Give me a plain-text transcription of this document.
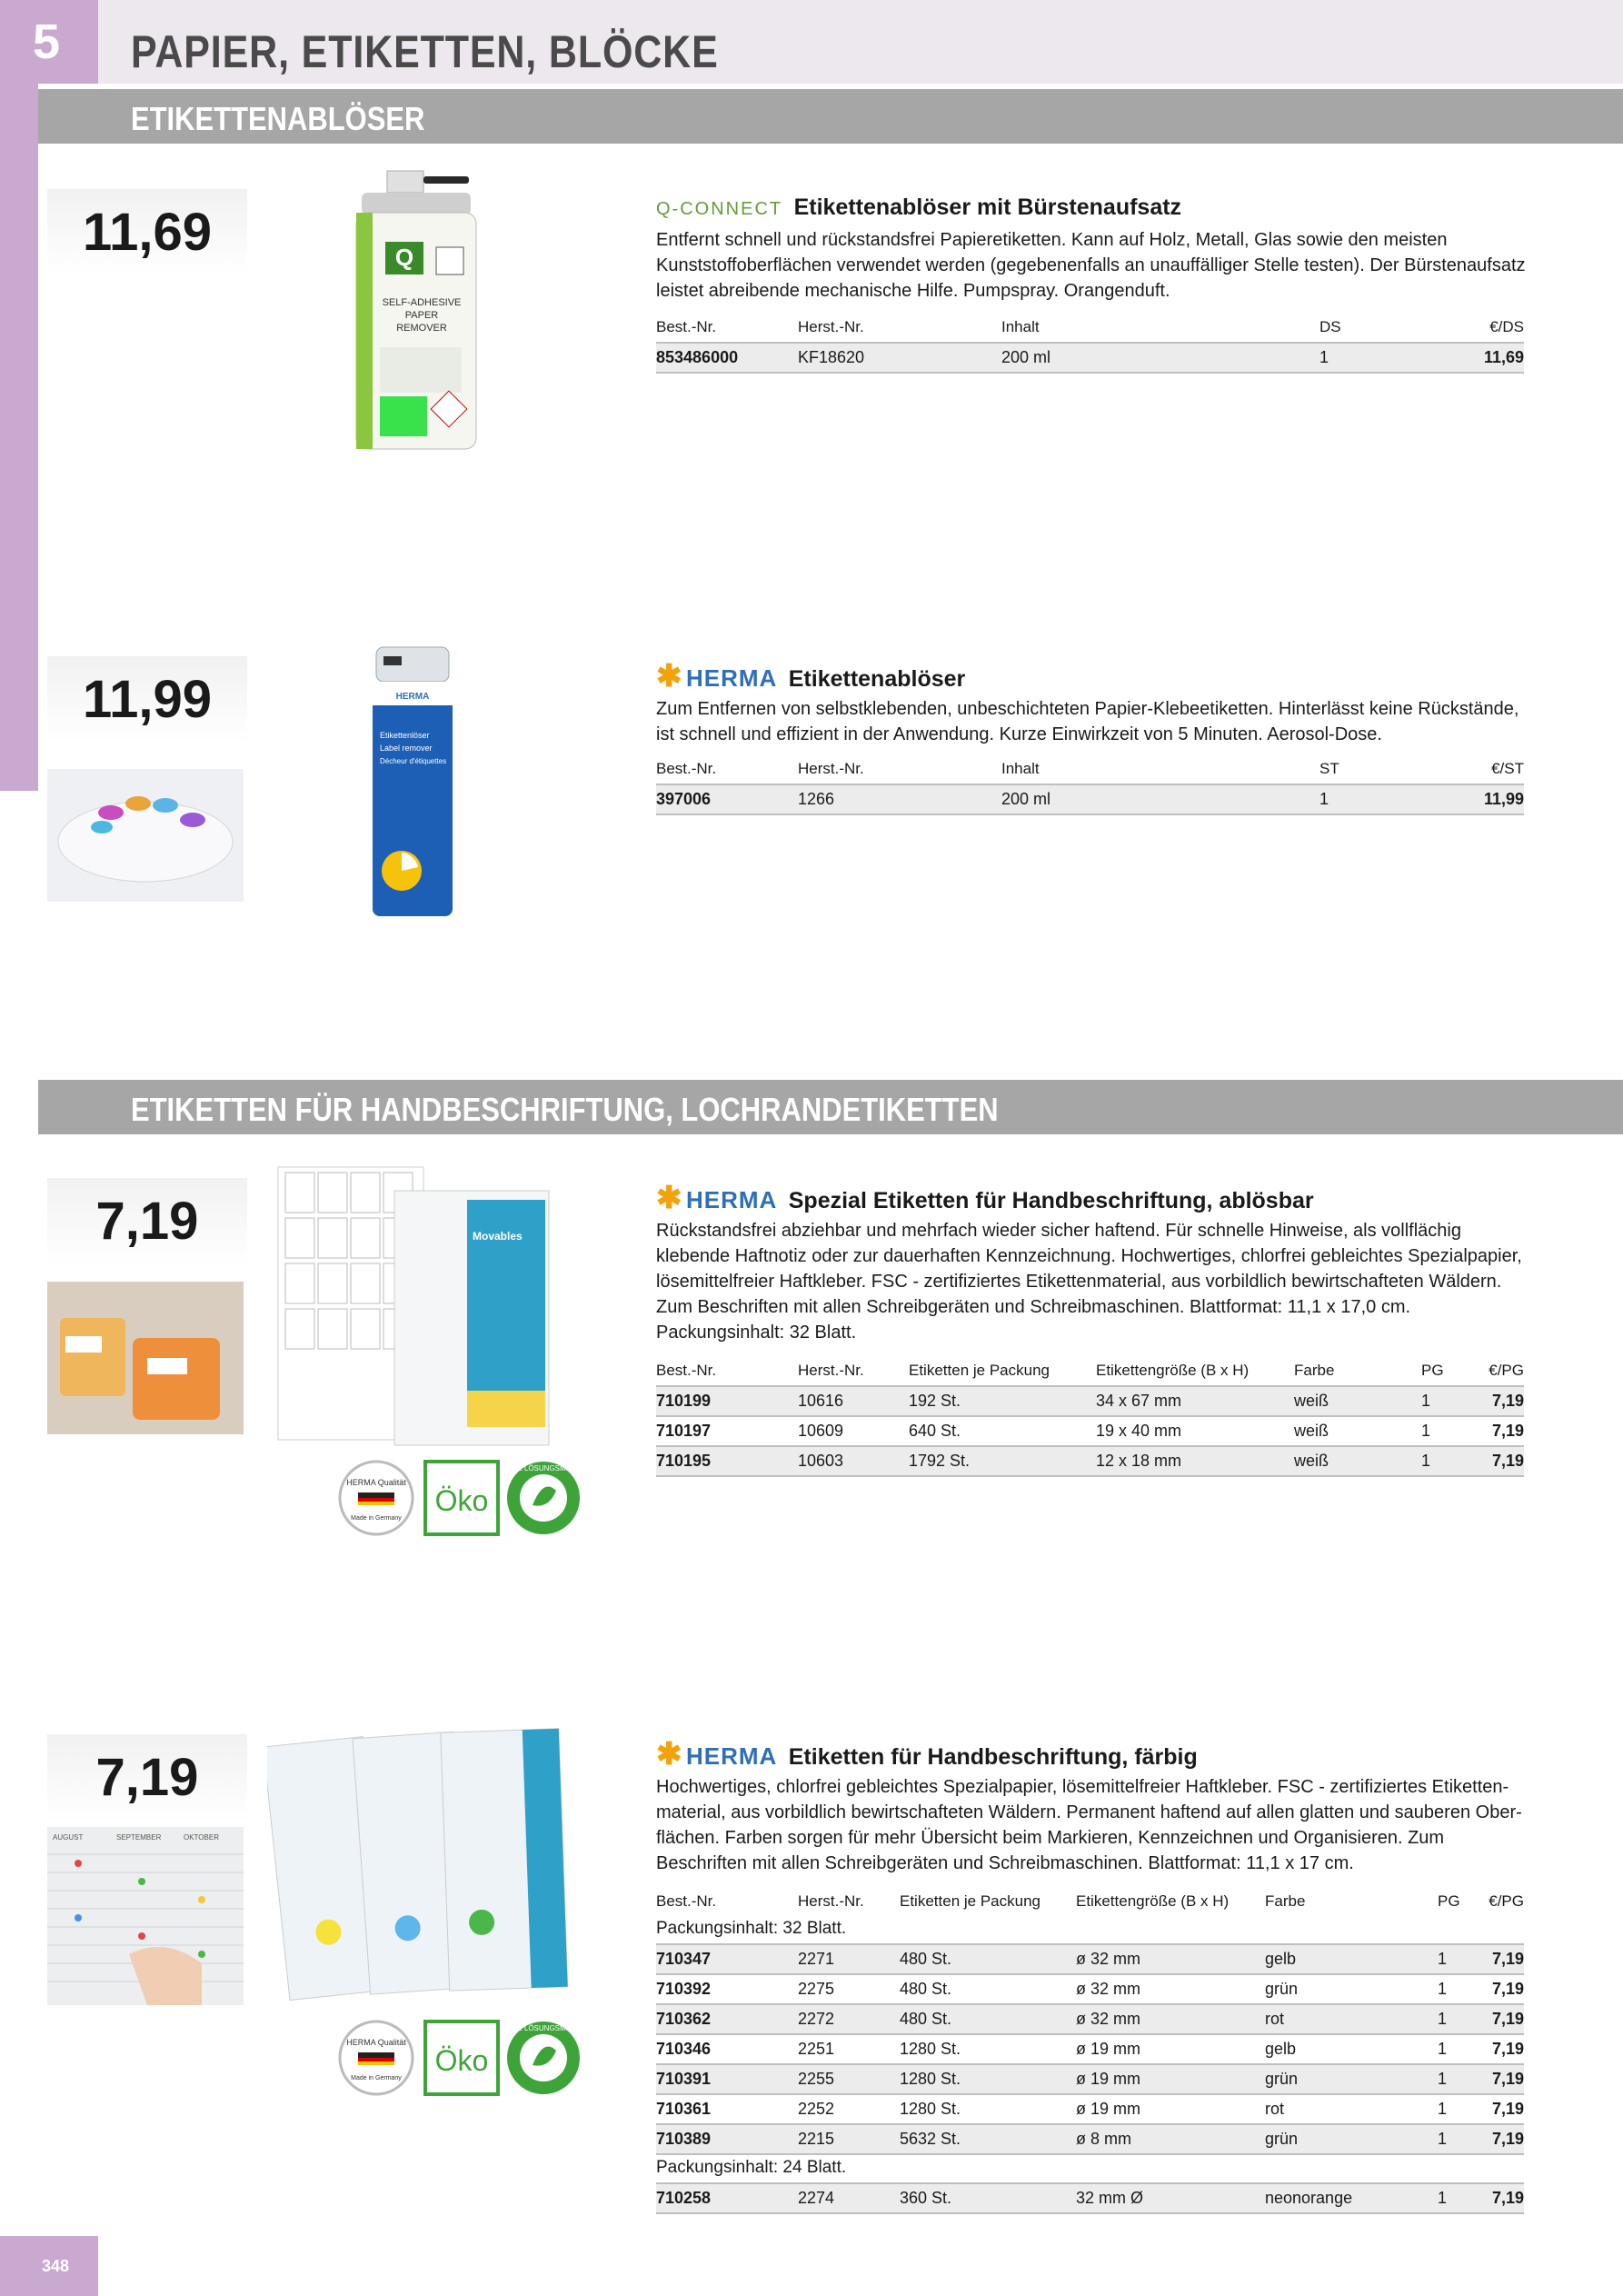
5	PAPIER, ETIKETTEN, BLÖCKE
ETIKETTENABLÖSER
11,69	Q
SELF-ADHESIVE
PAPER
REMOVER
Q-CONNECT Etikettenablöser mit Bürstenaufsatz
Entfernt schnell und rückstandsfrei Papieretiketten. Kann auf Holz, Metall, Glas sowie den meisten Kunststoffoberflächen verwendet werden (gegebenenfalls an unauffälliger Stelle testen). Der Bürstenaufsatz leistet abreibende mechanische Hilfe. Pumpspray. Orangenduft.
Best.-Nr.	Herst.-Nr.	Inhalt	DS	€/DS
853486000	KF18620	200 ml	1	11,69
11,99	HERMA
Etikettenlöser
Label remover
Décheur d'étiquettes
✱ HERMA Etikettenablöser
Zum Entfernen von selbstklebenden, unbeschichteten Papier-Klebeetiketten. Hinterlässt keine Rückstände, ist schnell und effizient in der Anwendung. Kurze Einwirkzeit von 5 Minuten. Aerosol-Dose.
Best.-Nr.	Herst.-Nr.	Inhalt	ST	€/ST
397006	1266	200 ml	1	11,99
ETIKETTEN FÜR HANDBESCHRIFTUNG, LOCHRANDETIKETTEN
7,19	Movables
HERMA Qualität
Made in Germany
Öko
OHNE LÖSUNGSMITTEL
✱ HERMA Spezial Etiketten für Handbeschriftung, ablösbar
Rückstandsfrei abziehbar und mehrfach wieder sicher haftend. Für schnelle Hinweise, als vollflächig klebende Haftnotiz oder zur dauerhaften Kennzeichnung. Hochwertiges, chlorfrei gebleichtes Spezialpapier, lösemittelfreier Haftkleber. FSC - zertifiziertes Etikettenmaterial, aus vorbildlich bewirtschafteten Wäldern. Zum Beschriften mit allen Schreibgeräten und Schreibmaschinen. Blattformat: 11,1 x 17,0 cm. Packungsinhalt: 32 Blatt.
Best.-Nr.	Herst.-Nr.	Etiketten je Packung	Etikettengröße (B x H)	Farbe	PG	€/PG
710199	10616	192 St.	34 x 67 mm	weiß	1	7,19
710197	10609	640 St.	19 x 40 mm	weiß	1	7,19
710195	10603	1792 St.	12 x 18 mm	weiß	1	7,19
7,19
AUGUST	SEPTEMBER	OKTOBER
HERMA Qualität
Made in Germany
Öko
OHNE LÖSUNGSMITTEL
✱ HERMA Etiketten für Handbeschriftung, färbig
Hochwertiges, chlorfrei gebleichtes Spezialpapier, lösemittelfreier Haftkleber. FSC - zertifiziertes Etikettenmaterial, aus vorbildlich bewirtschafteten Wäldern. Permanent haftend auf allen glatten und sauberen Oberflächen. Farben sorgen für mehr Übersicht beim Markieren, Kennzeichnen und Organisieren. Zum Beschriften mit allen Schreibgeräten und Schreibmaschinen. Blattformat: 11,1 x 17 cm.
Best.-Nr.	Herst.-Nr.	Etiketten je Packung	Etikettengröße (B x H)	Farbe	PG	€/PG
Packungsinhalt: 32 Blatt.						
710347	2271	480 St.	ø 32 mm	gelb	1	7,19
710392	2275	480 St.	ø 32 mm	grün	1	7,19
710362	2272	480 St.	ø 32 mm	rot	1	7,19
710346	2251	1280 St.	ø 19 mm	gelb	1	7,19
710391	2255	1280 St.	ø 19 mm	grün	1	7,19
710361	2252	1280 St.	ø 19 mm	rot	1	7,19
710389	2215	5632 St.	ø 8 mm	grün	1	7,19
Packungsinhalt: 24 Blatt.						
710258	2274	360 St.	32 mm Ø	neonorange	1	7,19
348
